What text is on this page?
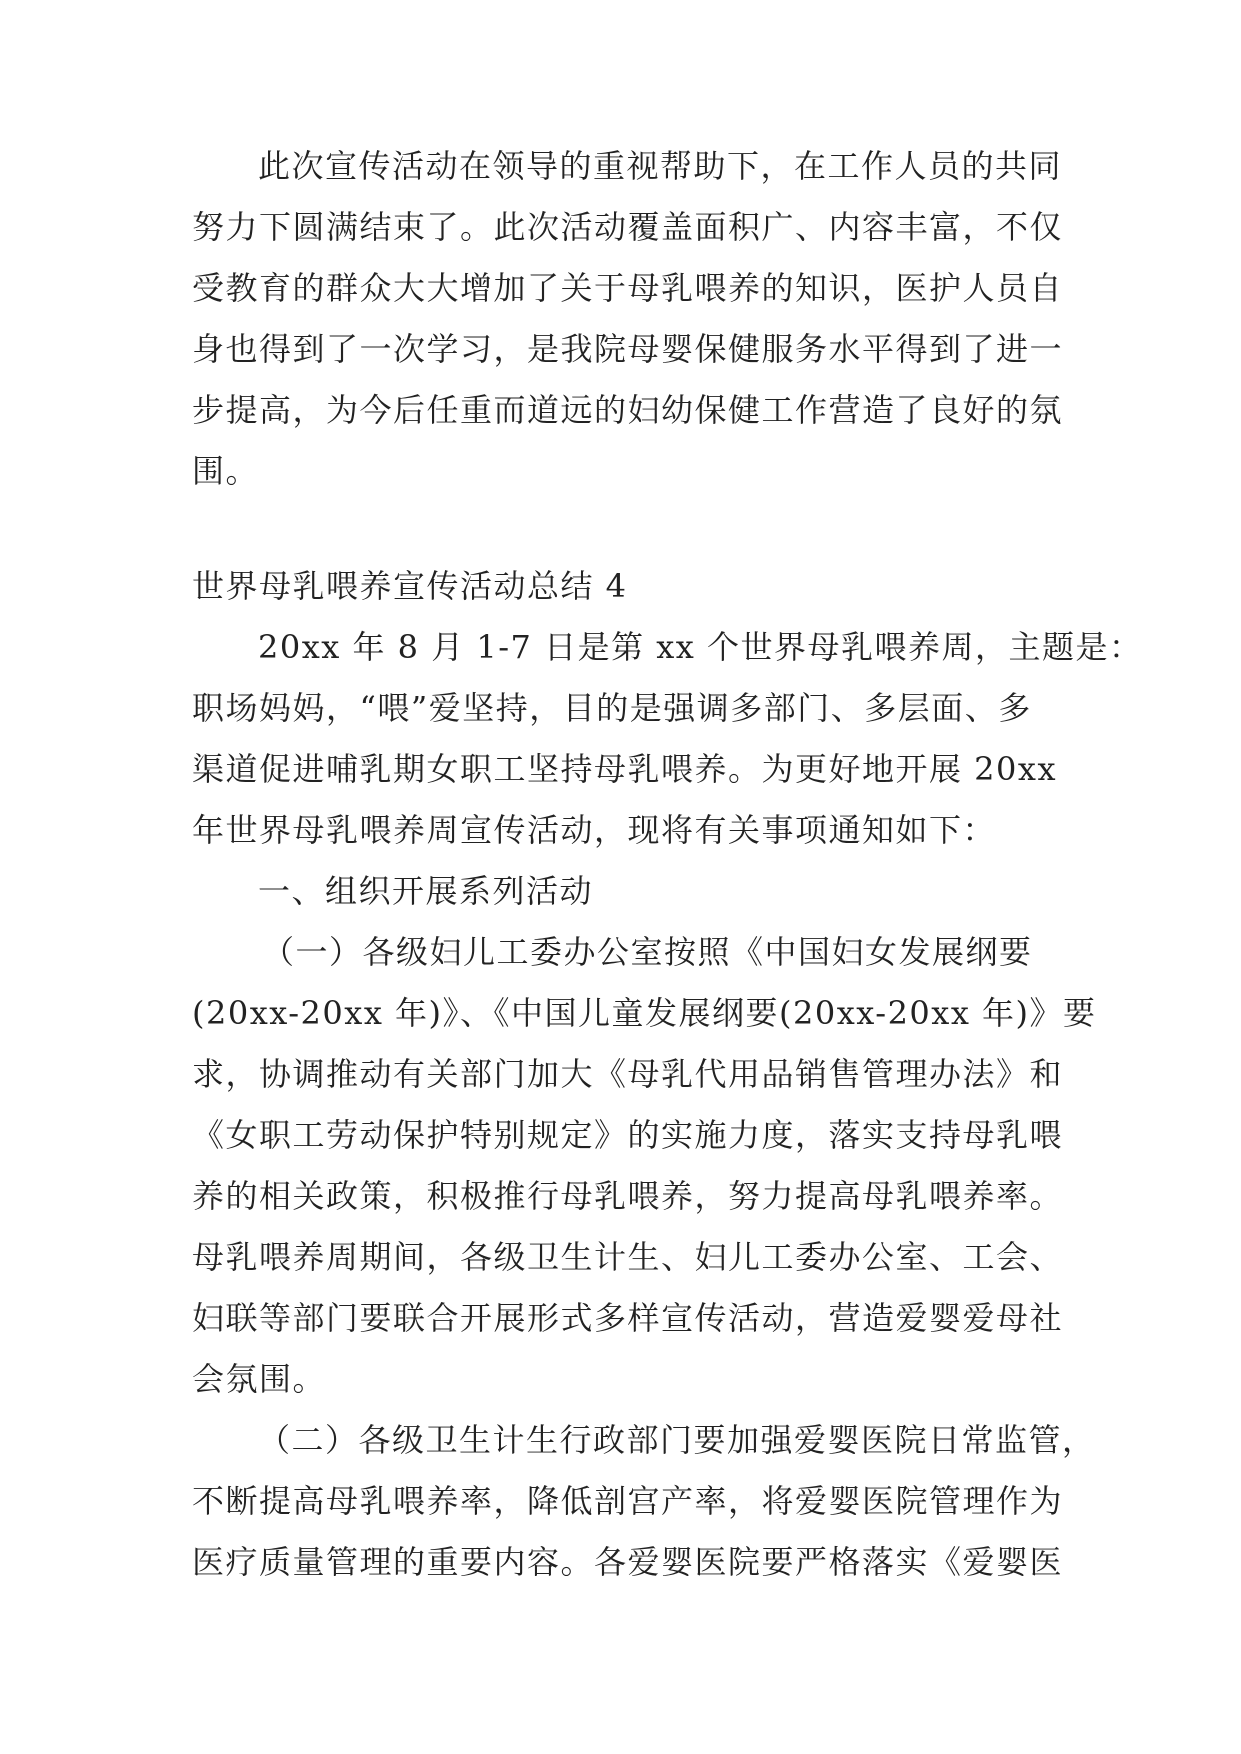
此次宣传活动在领导的重视帮助下，在工作人员的共同
努力下圆满结束了。此次活动覆盖面积广、内容丰富，不仅
受教育的群众大大增加了关于母乳喂养的知识，医护人员自
身也得到了一次学习，是我院母婴保健服务水平得到了进一
步提高，为今后任重而道远的妇幼保健工作营造了良好的氛
围。
世界母乳喂养宣传活动总结 4
20xx 年 8 月 1-7 日是第 xx 个世界母乳喂养周，主题是：
职场妈妈，“喂”爱坚持，目的是强调多部门、多层面、多
渠道促进哺乳期女职工坚持母乳喂养。为更好地开展 20xx
年世界母乳喂养周宣传活动，现将有关事项通知如下：
一、组织开展系列活动
（一）各级妇儿工委办公室按照《中国妇女发展纲要
(20xx-20xx 年)》、《中国儿童发展纲要(20xx-20xx 年)》要
求，协调推动有关部门加大《母乳代用品销售管理办法》和
《女职工劳动保护特别规定》的实施力度，落实支持母乳喂
养的相关政策，积极推行母乳喂养，努力提高母乳喂养率。
母乳喂养周期间，各级卫生计生、妇儿工委办公室、工会、
妇联等部门要联合开展形式多样宣传活动，营造爱婴爱母社
会氛围。
（二）各级卫生计生行政部门要加强爱婴医院日常监管，
不断提高母乳喂养率，降低剖宫产率，将爱婴医院管理作为
医疗质量管理的重要内容。各爱婴医院要严格落实《爱婴医
